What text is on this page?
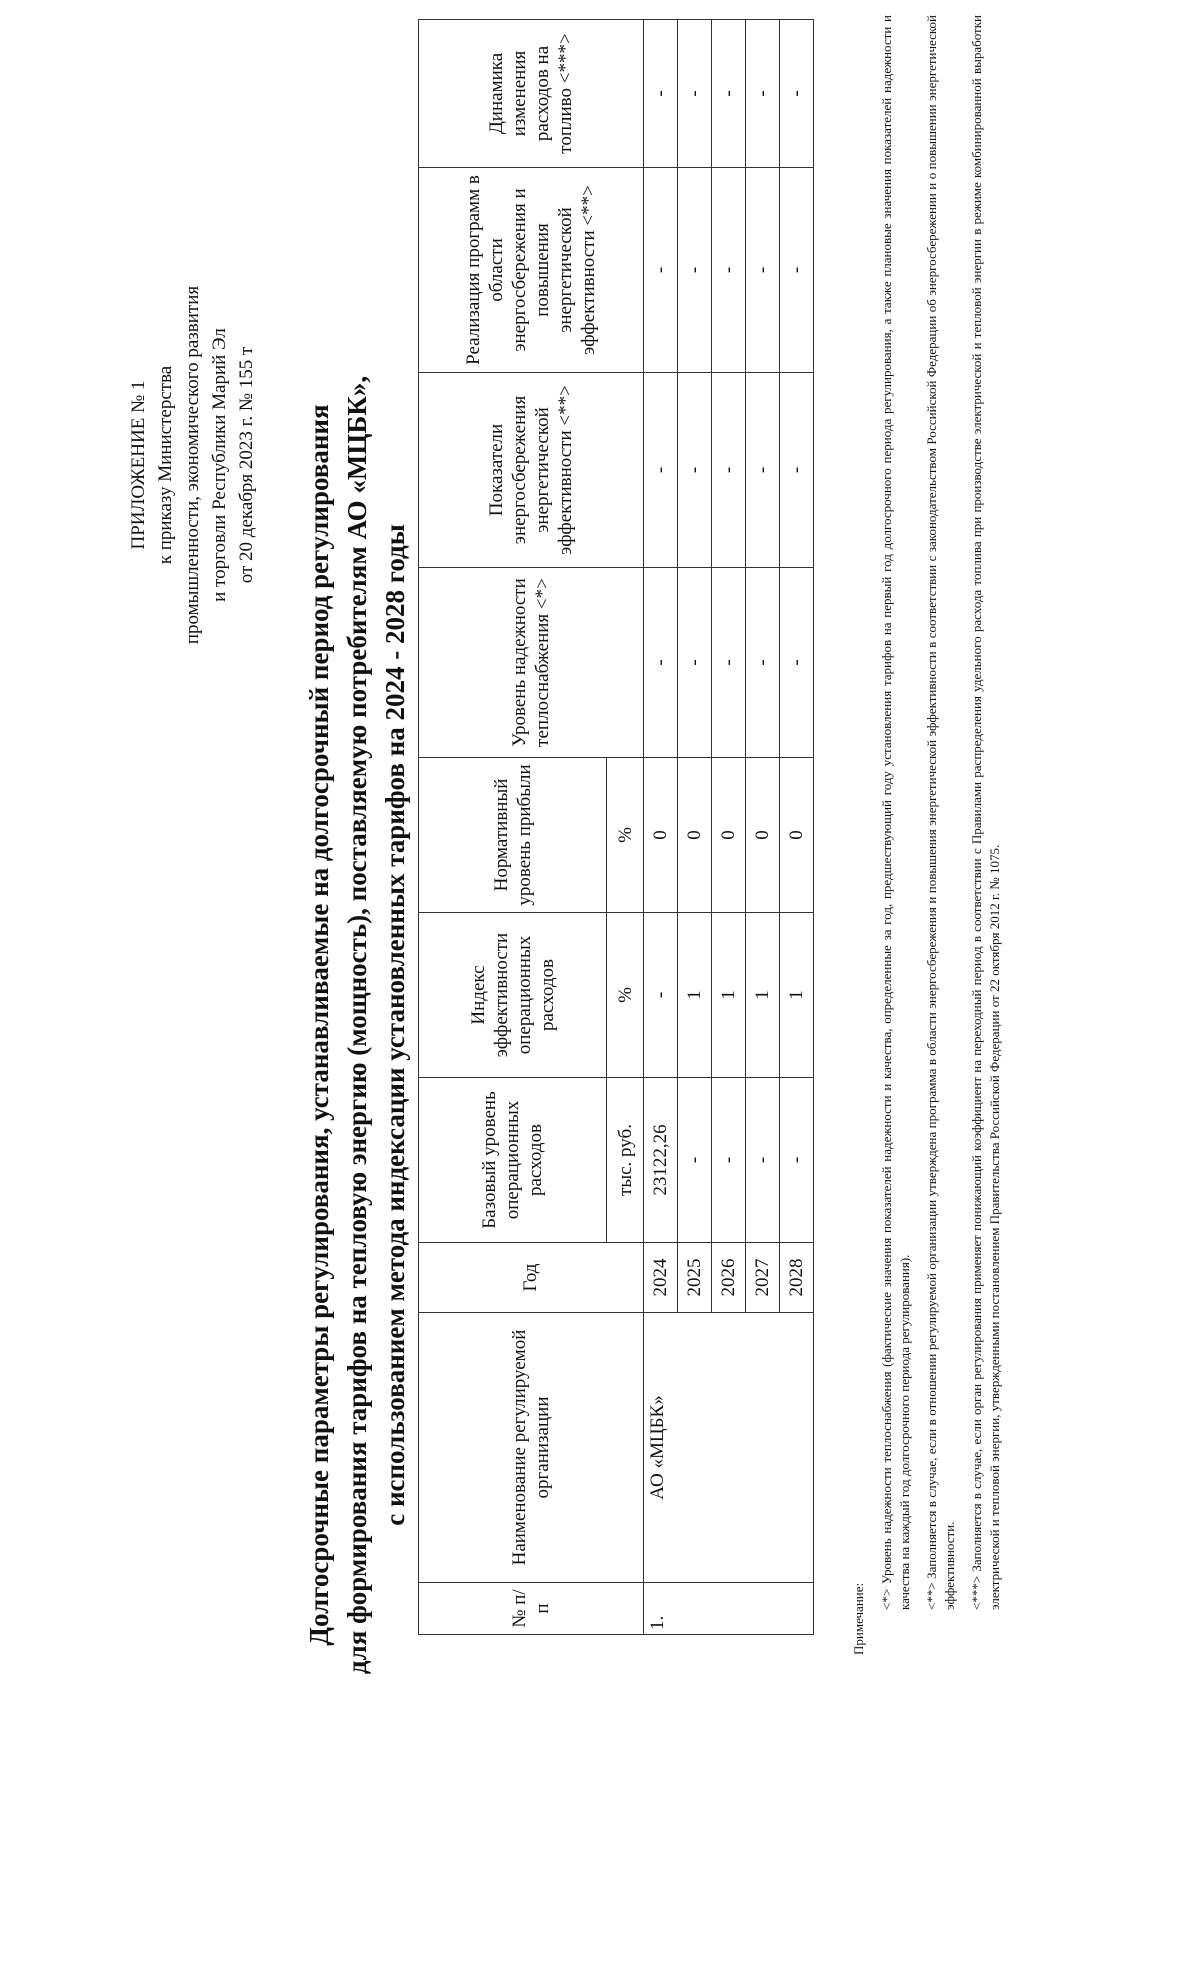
ПРИЛОЖЕНИЕ № 1 к приказу Министерства промышленности, экономического развития и торговли Республики Марий Эл от 20 декабря 2023 г. № 155 т Долгосрочные параметры регулирования, устанавливаемые на долгосрочный период регулирования для формирования тарифов на тепловую энергию (мощность), поставляемую потребителям АО «МЦБК», с использованием метода индексации установленных тарифов на 2024 - 2028 годы
№ п/п	Наименование регулируемой организации	Год	Базовый уровень операционных расходов	Индекс эффективности операционных расходов	Нормативный уровень прибыли	Уровень надежности теплоснабжения <*>	Показатели энергосбережения энергетической эффективности <**>	Реализация программ в области энергосбережения и повышения энергетической эффективности <**>	Динамика изменения расходов на топливо <***>
			тыс. руб.	%	%				
1.	АО «МЦБК»	2024	23122,26	-	0	-	-	-	-
		2025	-	1	0	-	-	-	-
		2026	-	1	0	-	-	-	-
		2027	-	1	0	-	-	-	-
		2028	-	1	0	-	-	-	-

Примечание:

<*> Уровень надежности теплоснабжения (фактические значения показателей надежности и качества, определенные за год, предшествующий году установления тарифов на первый год долгосрочного периода регулирования, а также плановые значения показателей надежности и качества на каждый год долгосрочного периода регулирования). <**> Заполняется в случае, если в отношении регулируемой организации утверждена программа в области энергосбережения и повышения энергетической эффективности в соответствии с законодательством Российской Федерации об энергосбережении и о повышении энергетической эффективности. <***> Заполняется в случае, если орган регулирования применяет понижающий коэффициент на переходный период в соответствии с Правилами распределения удельного расхода топлива при производстве электрической и тепловой энергии в режиме комбинированной выработки электрической и тепловой энергии, утвержденными постановлением Правительства Российской Федерации от 22 октября 2012 г. № 1075.
